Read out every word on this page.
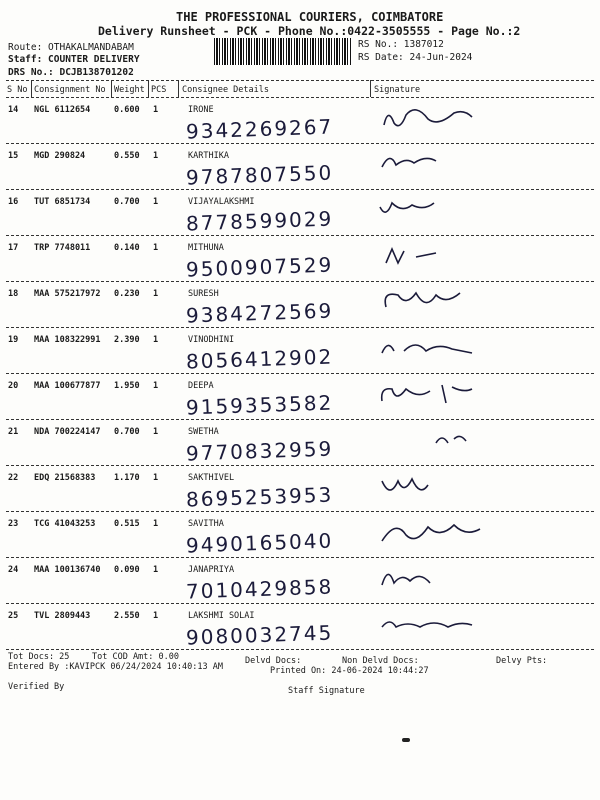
THE PROFESSIONAL COURIERS, COIMBATORE
Delivery Runsheet - PCK - Phone No.:0422-3505555 - Page No.:2
Route: OTHAKALMANDABAM
Staff: COUNTER DELIVERY
DRS No.: DCJB138701202
RS No.: 1387012
RS Date: 24-Jun-2024
S No Consignment No Weight PCS Consignee Details	Signature
14 NGL 6112654	0.600 1	IRONE
9342269267
15 MGD 290824	0.550 1	KARTHIKA
9787807550
16 TUT 6851734	0.700 1	VIJAYALAKSHMI
8778599029
17 TRP 7748011	0.140 1	MITHUNA
9500907529
18 MAA 575217972 0.230 1	SURESH
9384272569
19 MAA 108322991 2.390 1	VINODHINI
8056412902
20 MAA 100677877 1.950 1	DEEPA
9159353582
21 NDA 700224147 0.700 1	SWETHA
9770832959
22 EDQ 21568383 1.170 1	SAKTHIVEL
8695253953
23 TCG 41043253 0.515 1	SAVITHA
9490165040
24 MAA 100136740 0.090 1	JANAPRIYA
7010429858
25 TVL 2809443	2.550 1	LAKSHMI SOLAI
9080032745
Tot Docs: 25	Tot COD Amt: 0.00	Delvd Docs:	Non Delvd Docs:	Delvy Pts:
Entered By :KAVIPCK 06/24/2024 10:40:13 AM	Printed On: 24-06-2024 10:44:27
Verified By	Staff Signature
